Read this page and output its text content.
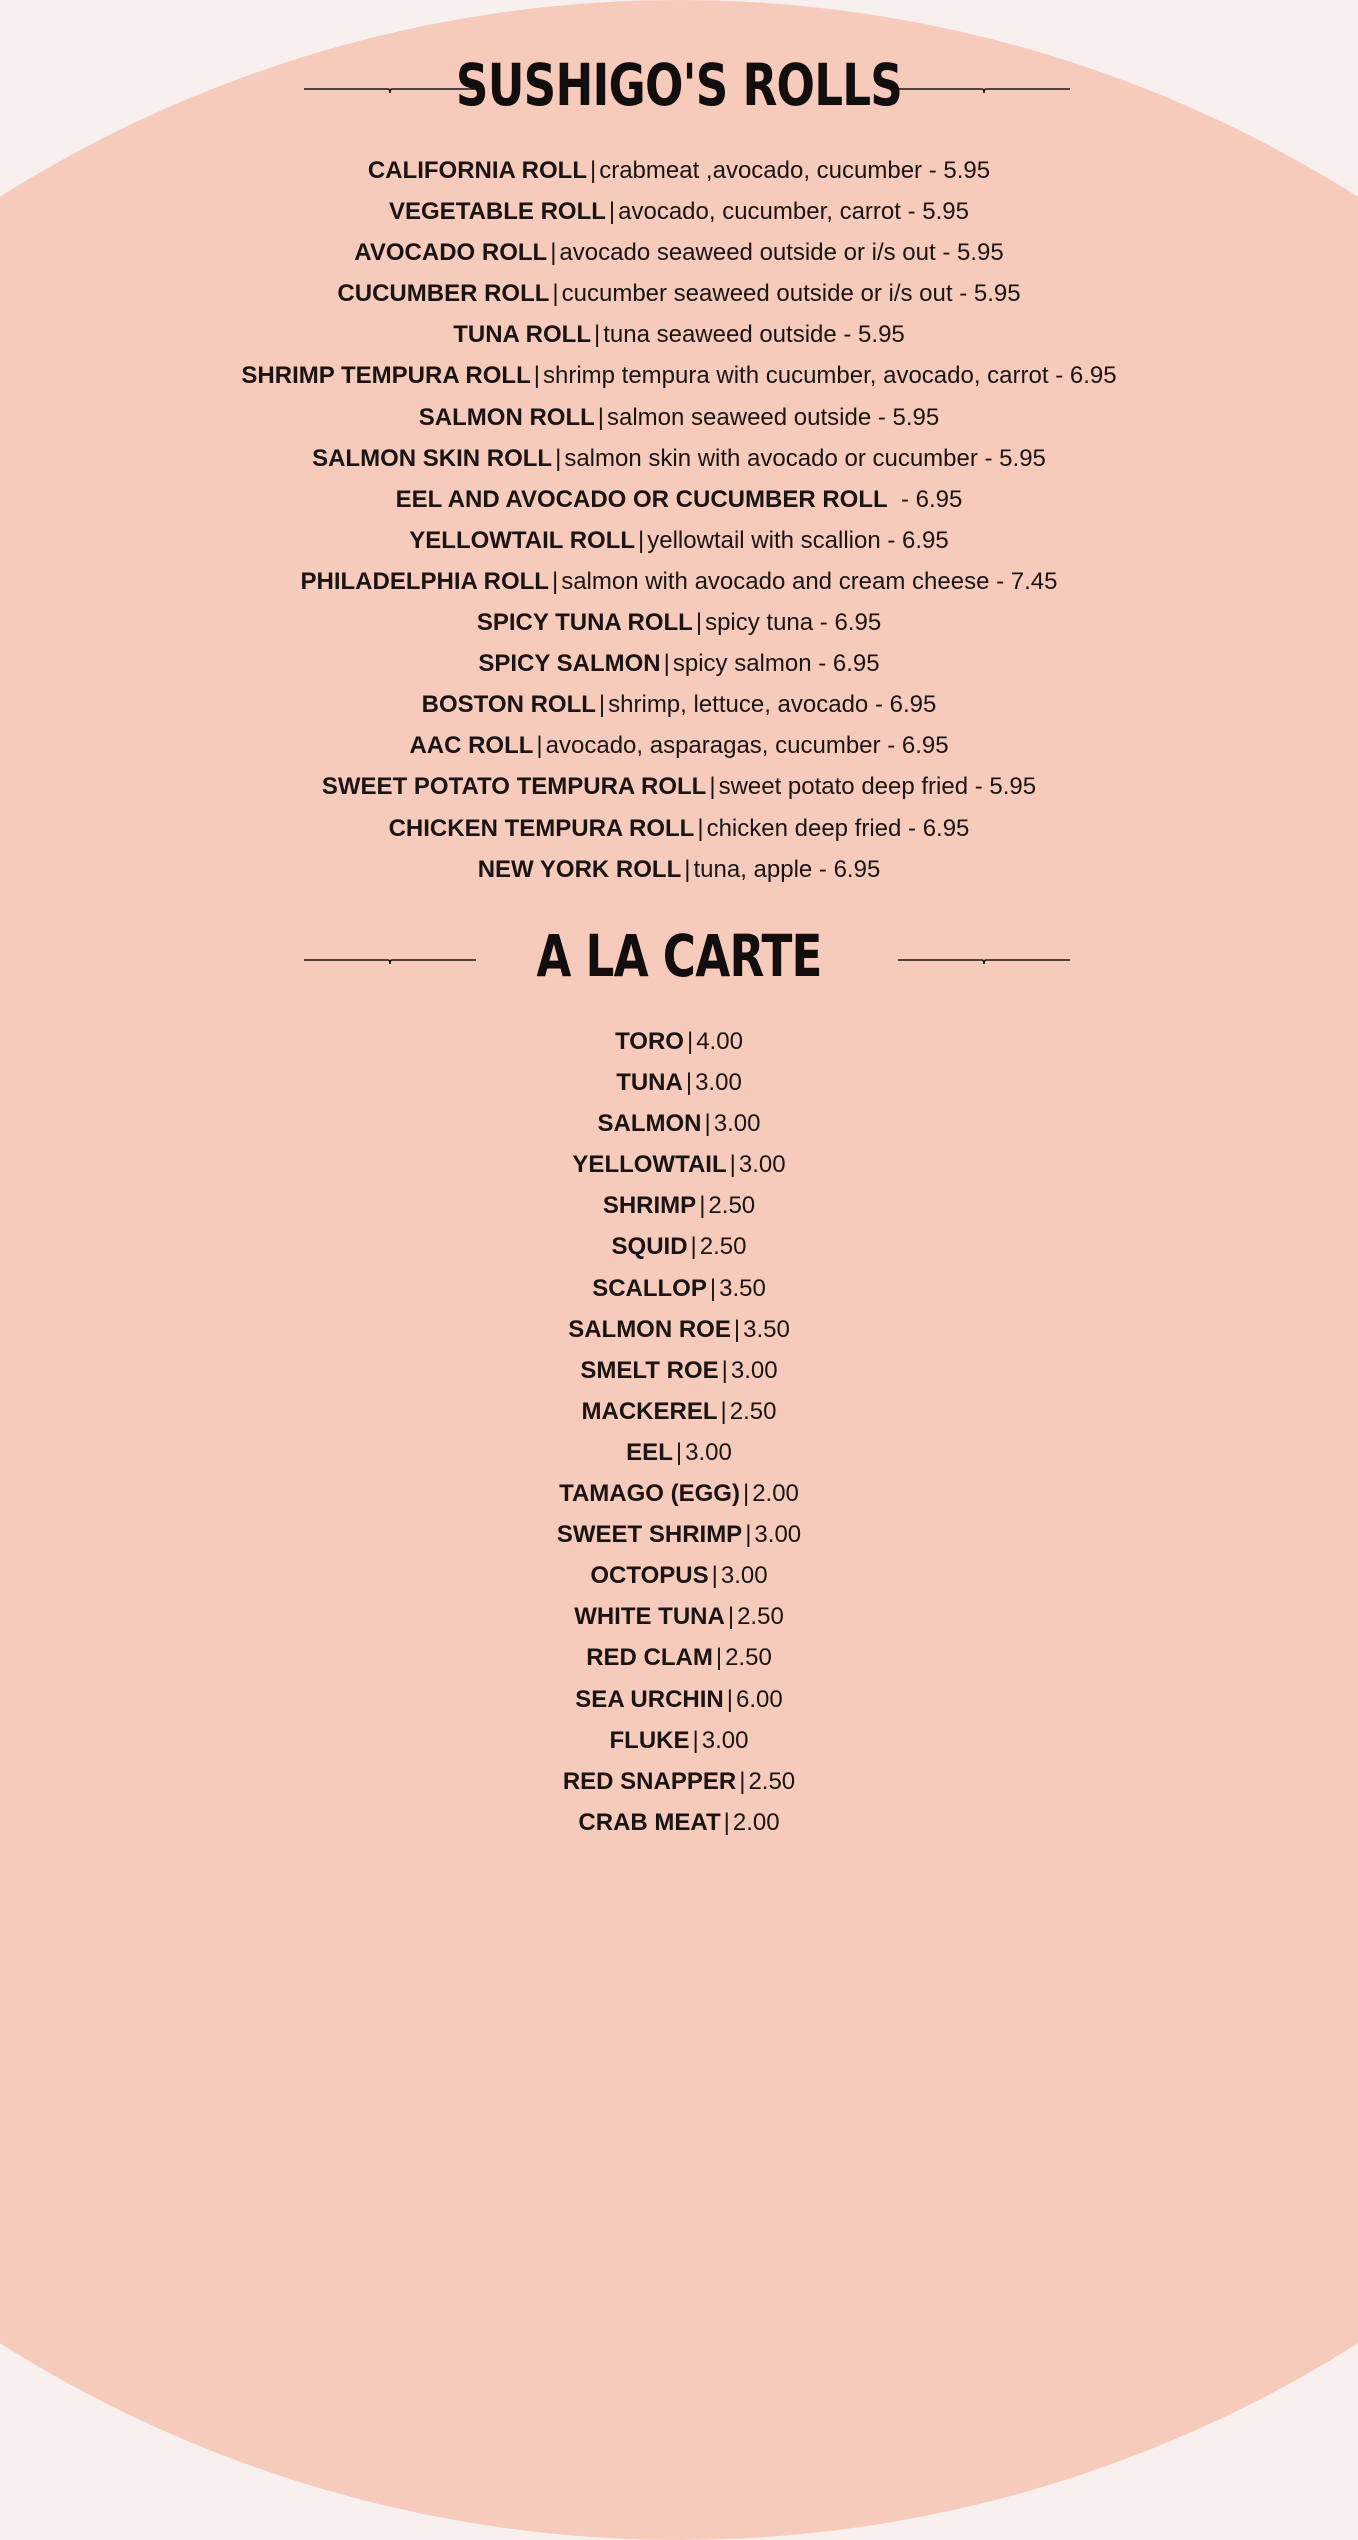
SUSHIGO'S ROLLS
CALIFORNIA ROLL | crabmeat ,avocado, cucumber - 5.95
VEGETABLE ROLL | avocado, cucumber, carrot - 5.95
AVOCADO ROLL | avocado seaweed outside or i/s out - 5.95
CUCUMBER ROLL | cucumber seaweed outside or i/s out - 5.95
TUNA ROLL | tuna seaweed outside - 5.95
SHRIMP TEMPURA ROLL | shrimp tempura with cucumber, avocado, carrot - 6.95
SALMON ROLL | salmon seaweed outside - 5.95
SALMON SKIN ROLL | salmon skin with avocado or cucumber - 5.95
EEL AND AVOCADO OR CUCUMBER ROLL - 6.95
YELLOWTAIL ROLL | yellowtail with scallion - 6.95
PHILADELPHIA ROLL | salmon with avocado and cream cheese - 7.45
SPICY TUNA ROLL | spicy tuna - 6.95
SPICY SALMON | spicy salmon - 6.95
BOSTON ROLL | shrimp, lettuce, avocado - 6.95
AAC ROLL | avocado, asparagas, cucumber - 6.95
SWEET POTATO TEMPURA ROLL | sweet potato deep fried - 5.95
CHICKEN TEMPURA ROLL | chicken deep fried - 6.95
NEW YORK ROLL | tuna, apple - 6.95
A LA CARTE
TORO | 4.00
TUNA | 3.00
SALMON | 3.00
YELLOWTAIL | 3.00
SHRIMP | 2.50
SQUID | 2.50
SCALLOP | 3.50
SALMON ROE | 3.50
SMELT ROE | 3.00
MACKEREL | 2.50
EEL | 3.00
TAMAGO (EGG) | 2.00
SWEET SHRIMP | 3.00
OCTOPUS | 3.00
WHITE TUNA | 2.50
RED CLAM | 2.50
SEA URCHIN | 6.00
FLUKE | 3.00
RED SNAPPER | 2.50
CRAB MEAT | 2.00
